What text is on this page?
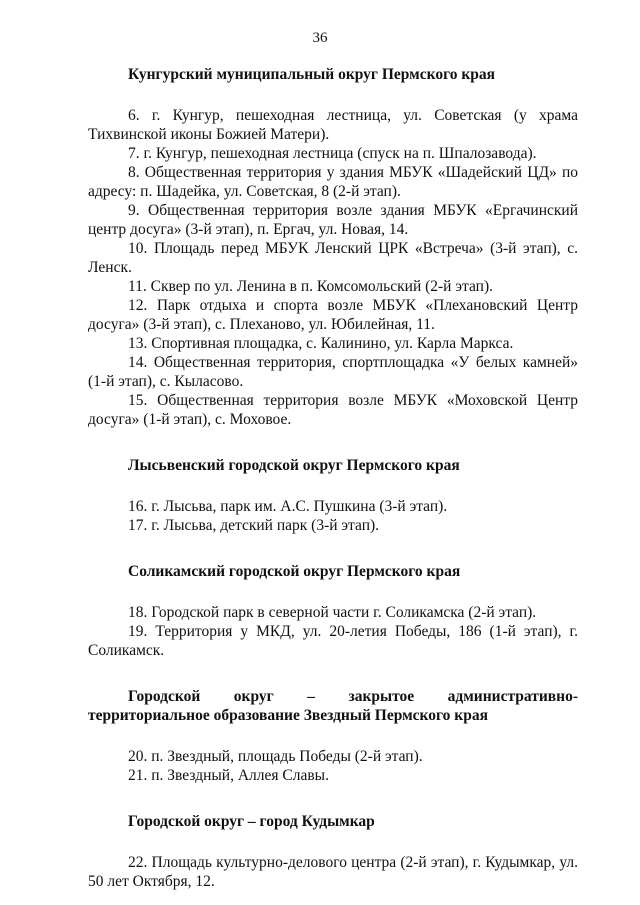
36

Кунгурский муниципальный округ Пермского края

6. г. Кунгур, пешеходная лестница, ул. Советская (у храма Тихвинской иконы Божией Матери).

7. г. Кунгур, пешеходная лестница (спуск на п. Шпалозавода).

8. Общественная территория у здания МБУК «Шадейский ЦД» по адресу: п. Шадейка, ул. Советская, 8 (2-й этап).

9. Общественная территория возле здания МБУК «Ергачинский центр досуга» (3-й этап), п. Ергач, ул. Новая, 14.

10. Площадь перед МБУК Ленский ЦРК «Встреча» (3-й этап), с. Ленск.

11. Сквер по ул. Ленина в п. Комсомольский (2-й этап).

12. Парк отдыха и спорта возле МБУК «Плехановский Центр досуга» (3-й этап), с. Плеханово, ул. Юбилейная, 11.

13. Спортивная площадка, с. Калинино, ул. Карла Маркса.

14. Общественная территория, спортплощадка «У белых камней» (1-й этап), с. Кыласово.

15. Общественная территория возле МБУК «Моховской Центр досуга» (1-й этап), с. Моховое.

Лысьвенский городской округ Пермского края

16. г. Лысьва, парк им. А.С. Пушкина (3-й этап).

17. г. Лысьва, детский парк (3-й этап).

Соликамский городской округ Пермского края

18. Городской парк в северной части г. Соликамска (2-й этап).

19. Территория у МКД, ул. 20-летия Победы, 186 (1-й этап), г. Соликамск.

Городской округ – закрытое административно-территориальное образование Звездный Пермского края

20. п. Звездный, площадь Победы (2-й этап).

21. п. Звездный, Аллея Славы.

Городской округ – город Кудымкар

22. Площадь культурно-делового центра (2-й этап), г. Кудымкар, ул. 50 лет Октября, 12.
